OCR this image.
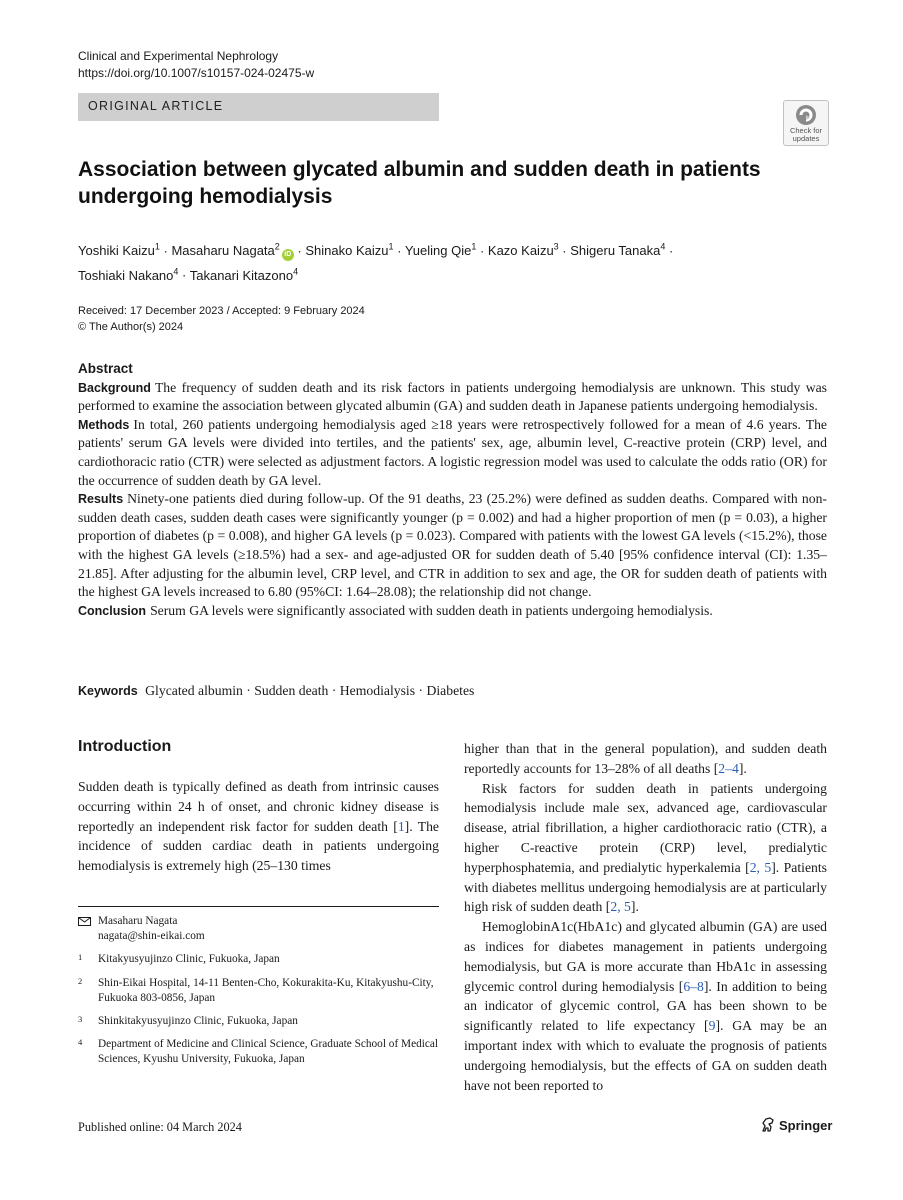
Clinical and Experimental Nephrology
https://doi.org/10.1007/s10157-024-02475-w
ORIGINAL ARTICLE
Check for
updates
Association between glycated albumin and sudden death in patients undergoing hemodialysis
Yoshiki Kaizu$^1$ · Masaharu Nagata$^2$iD · Shinako Kaizu$^1$ · Yueling Qie$^1$ · Kazo Kaizu$^3$ · Shigeru Tanaka$^4$ ·
Toshiaki Nakano$^4$ · Takanari Kitazono$^4$
Received: 17 December 2023 / Accepted: 9 February 2024
© The Author(s) 2024
Abstract

Background The frequency of sudden death and its risk factors in patients undergoing hemodialysis are unknown. This study was performed to examine the association between glycated albumin (GA) and sudden death in Japanese patients undergoing hemodialysis.

Methods In total, 260 patients undergoing hemodialysis aged ≥18 years were retrospectively followed for a mean of 4.6 years. The patients' serum GA levels were divided into tertiles, and the patients' sex, age, albumin level, C-reactive protein (CRP) level, and cardiothoracic ratio (CTR) were selected as adjustment factors. A logistic regression model was used to calculate the odds ratio (OR) for the occurrence of sudden death by GA level.

Results Ninety-one patients died during follow-up. Of the 91 deaths, 23 (25.2%) were defined as sudden deaths. Compared with non-sudden death cases, sudden death cases were significantly younger (p = 0.002) and had a higher proportion of men (p = 0.03), a higher proportion of diabetes (p = 0.008), and higher GA levels (p = 0.023). Compared with patients with the lowest GA levels (<15.2%), those with the highest GA levels (≥18.5%) had a sex- and age-adjusted OR for sudden death of 5.40 [95% confidence interval (CI): 1.35–21.85]. After adjusting for the albumin level, CRP level, and CTR in addition to sex and age, the OR for sudden death of patients with the highest GA levels increased to 6.80 (95%CI: 1.64–28.08); the relationship did not change.

Conclusion Serum GA levels were significantly associated with sudden death in patients undergoing hemodialysis.

Keywords Glycated albumin · Sudden death · Hemodialysis · Diabetes
Introduction

Sudden death is typically defined as death from intrinsic causes occurring within 24 h of onset, and chronic kidney disease is reportedly an independent risk factor for sudden death [1]. The incidence of sudden cardiac death in patients undergoing hemodialysis is extremely high (25–130 times

higher than that in the general population), and sudden death reportedly accounts for 13–28% of all deaths [2–4].

Risk factors for sudden death in patients undergoing hemodialysis include male sex, advanced age, cardiovascular disease, atrial fibrillation, a higher cardiothoracic ratio (CTR), a higher C-reactive protein (CRP) level, predialytic hyperphosphatemia, and predialytic hyperkalemia [2, 5]. Patients with diabetes mellitus undergoing hemodialysis are at particularly high risk of sudden death [2, 5].

HemoglobinA1c(HbA1c) and glycated albumin (GA) are used as indices for diabetes management in patients undergoing hemodialysis, but GA is more accurate than HbA1c in assessing glycemic control during hemodialysis [6–8]. In addition to being an indicator of glycemic control, GA has been shown to be significantly related to life expectancy [9]. GA may be an important index with which to evaluate the prognosis of patients undergoing hemodialysis, but the effects of GA on sudden death have not been reported to

Masaharu Nagata
nagata@shin-eikai.com
1 Kitakyusyujinzo Clinic, Fukuoka, Japan
2 Shin-Eikai Hospital, 14-11 Benten-Cho, Kokurakita-Ku, Kitakyushu-City, Fukuoka 803-0856, Japan
3 Shinkitakyusyujinzo Clinic, Fukuoka, Japan
4 Department of Medicine and Clinical Science, Graduate School of Medical Sciences, Kyushu University, Fukuoka, Japan
Published online: 04 March 2024	Springer
